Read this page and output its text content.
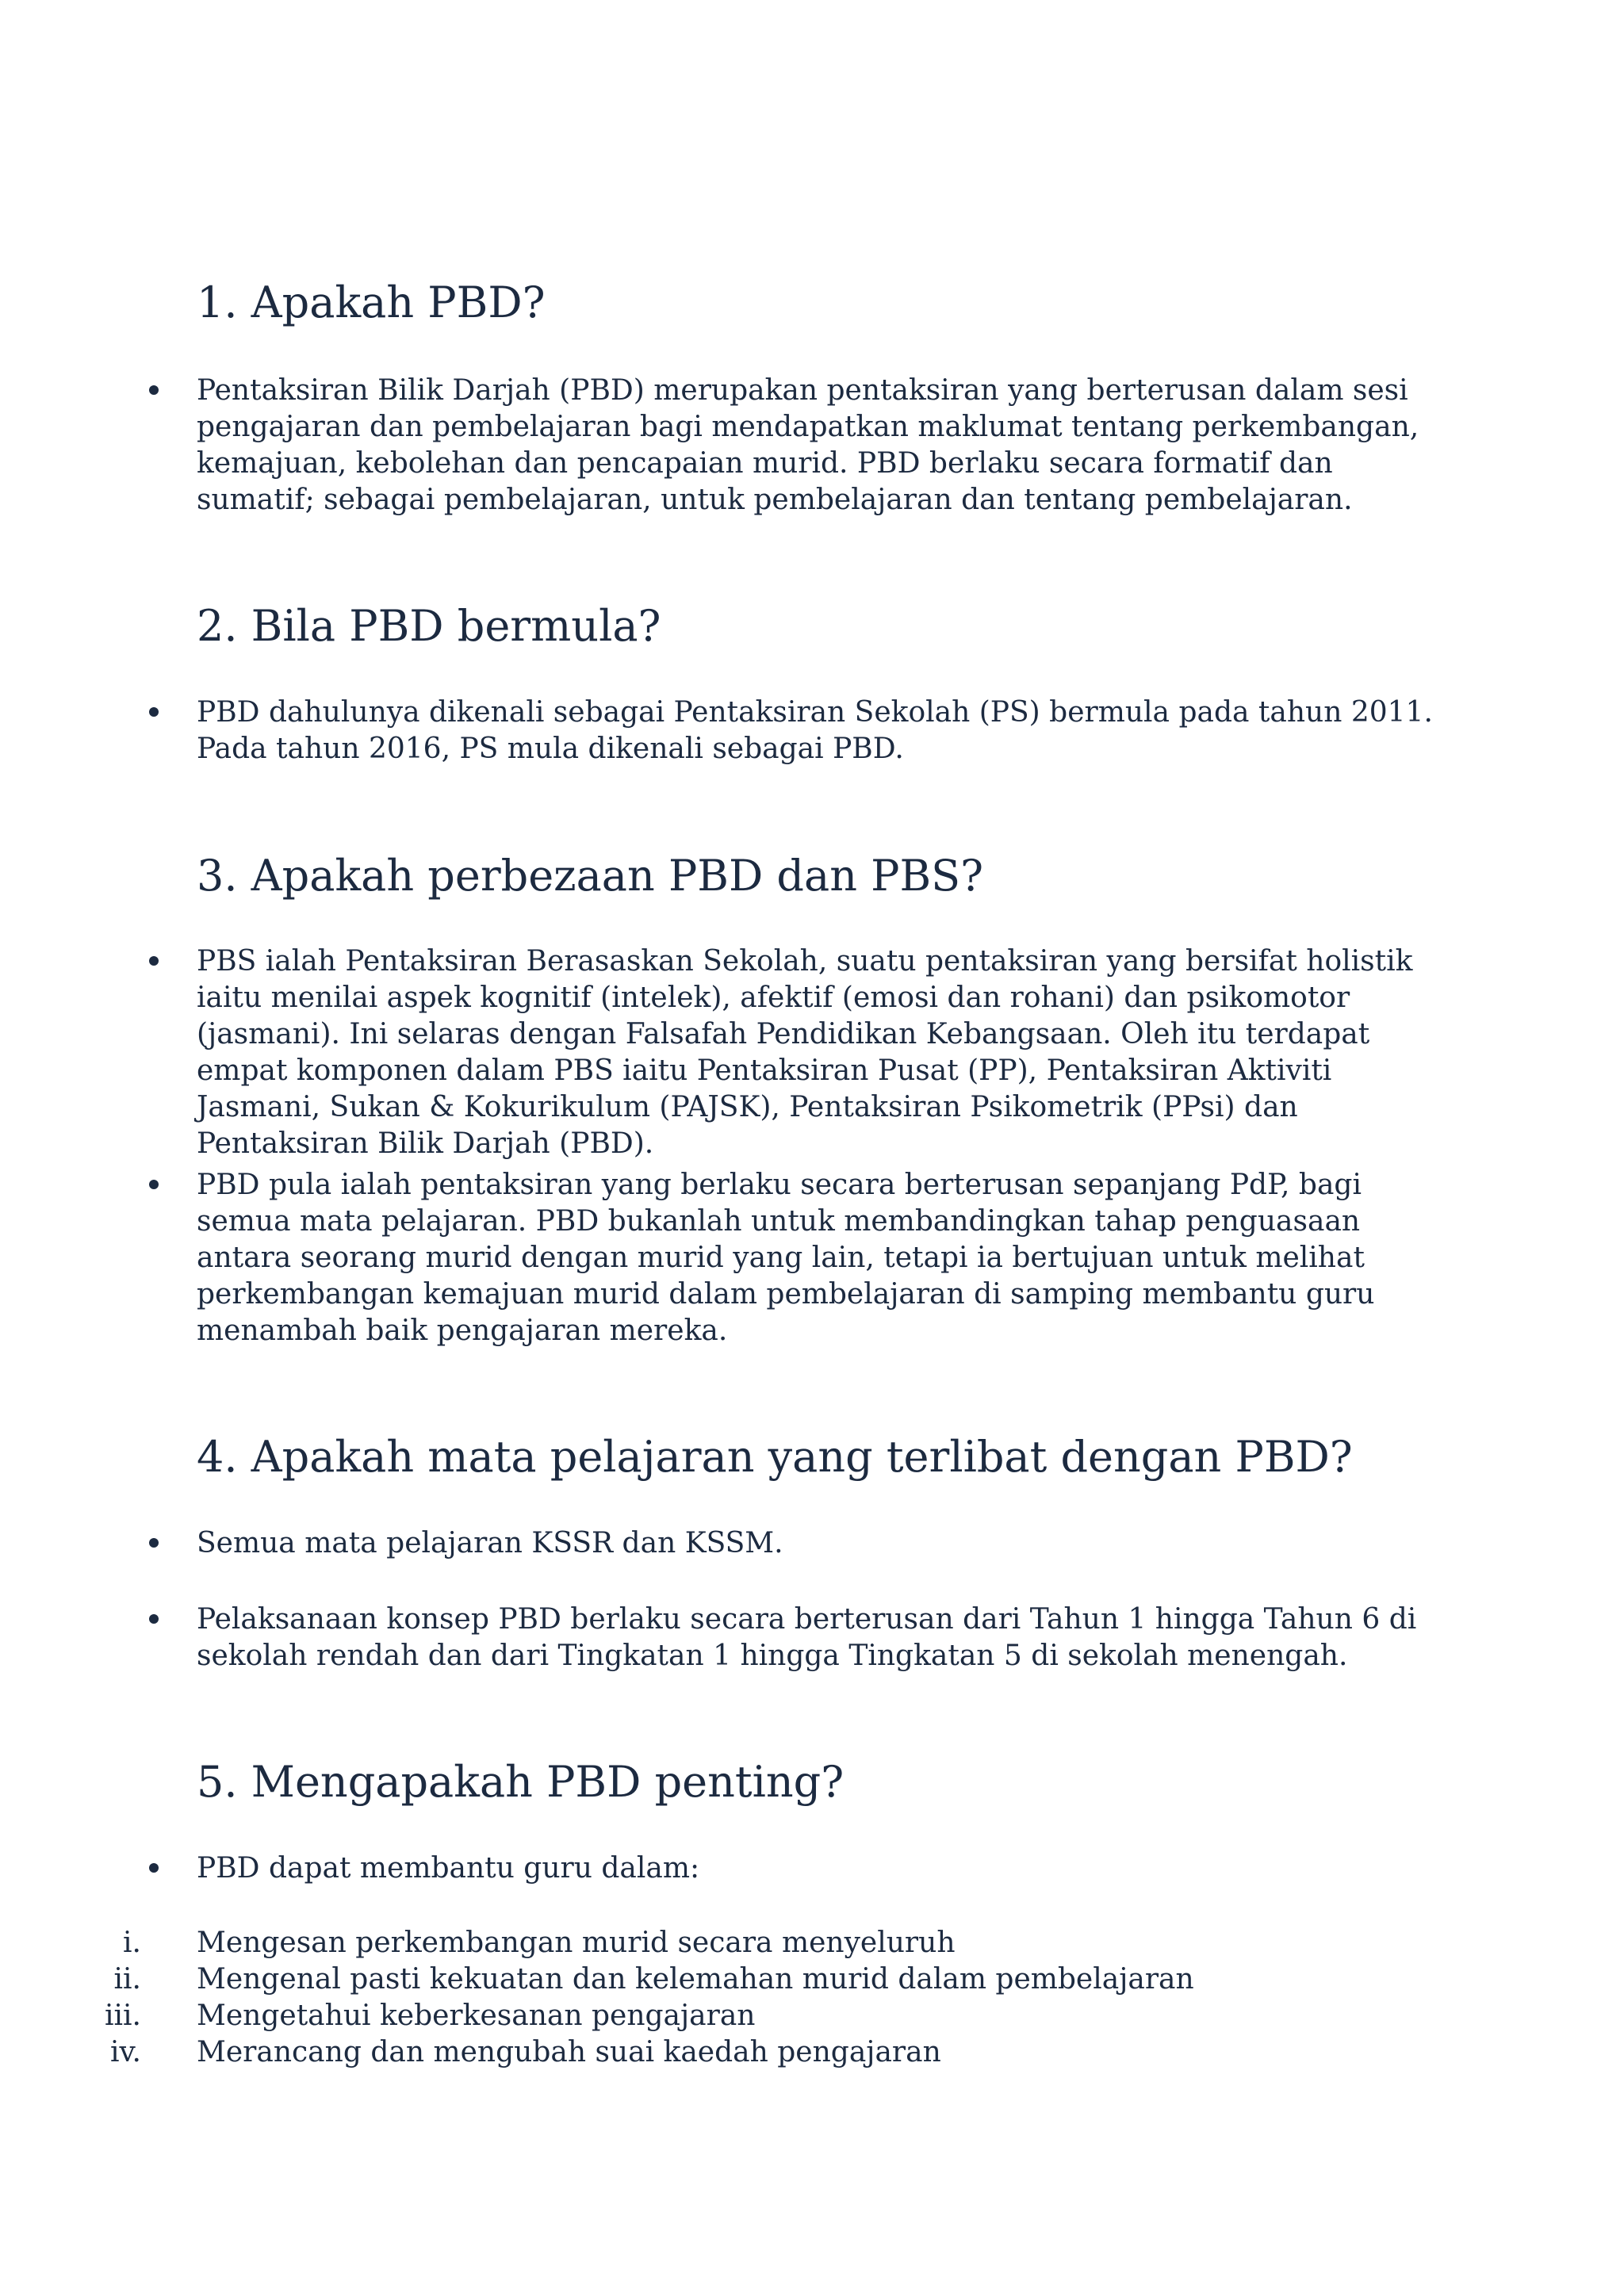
1. Apakah PBD?

Pentaksiran Bilik Darjah (PBD) merupakan pentaksiran yang berterusan dalam sesi pengajaran dan pembelajaran bagi mendapatkan maklumat tentang perkembangan, kemajuan, kebolehan dan pencapaian murid. PBD berlaku secara formatif dan sumatif; sebagai pembelajaran, untuk pembelajaran dan tentang pembelajaran.

2. Bila PBD bermula?

PBD dahulunya dikenali sebagai Pentaksiran Sekolah (PS) bermula pada tahun 2011. Pada tahun 2016, PS mula dikenali sebagai PBD.

3. Apakah perbezaan PBD dan PBS?

PBS ialah Pentaksiran Berasaskan Sekolah, suatu pentaksiran yang bersifat holistik iaitu menilai aspek kognitif (intelek), afektif (emosi dan rohani) dan psikomotor (jasmani). Ini selaras dengan Falsafah Pendidikan Kebangsaan. Oleh itu terdapat empat komponen dalam PBS iaitu Pentaksiran Pusat (PP), Pentaksiran Aktiviti Jasmani, Sukan & Kokurikulum (PAJSK), Pentaksiran Psikometrik (PPsi) dan Pentaksiran Bilik Darjah (PBD).

PBD pula ialah pentaksiran yang berlaku secara berterusan sepanjang PdP, bagi semua mata pelajaran. PBD bukanlah untuk membandingkan tahap penguasaan antara seorang murid dengan murid yang lain, tetapi ia bertujuan untuk melihat perkembangan kemajuan murid dalam pembelajaran di samping membantu guru menambah baik pengajaran mereka.

4. Apakah mata pelajaran yang terlibat dengan PBD?

Semua mata pelajaran KSSR dan KSSM.

Pelaksanaan konsep PBD berlaku secara berterusan dari Tahun 1 hingga Tahun 6 di sekolah rendah dan dari Tingkatan 1 hingga Tingkatan 5 di sekolah menengah.

5. Mengapakah PBD penting?

PBD dapat membantu guru dalam:

i. Mengesan perkembangan murid secara menyeluruh
ii. Mengenal pasti kekuatan dan kelemahan murid dalam pembelajaran
iii. Mengetahui keberkesanan pengajaran
iv. Merancang dan mengubah suai kaedah pengajaran
